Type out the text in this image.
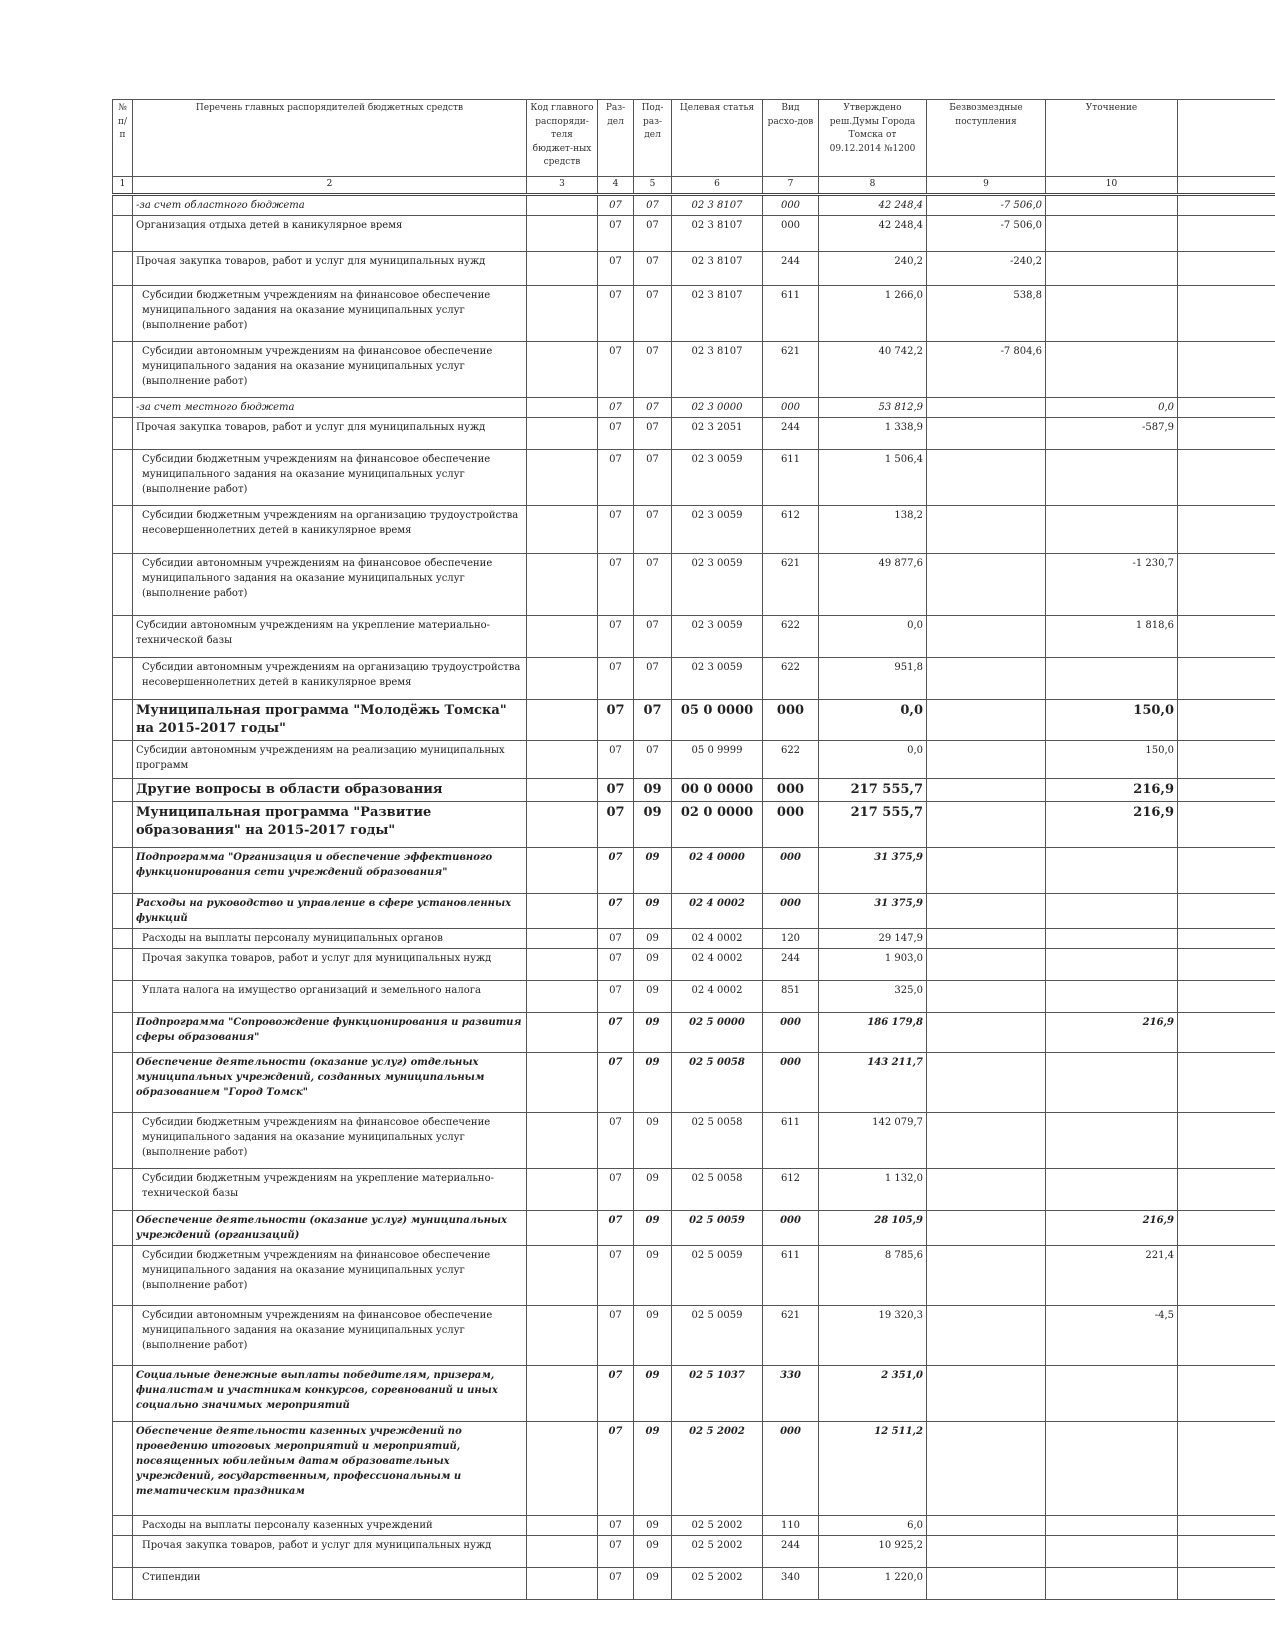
№ п/п	Перечень главных распорядителей бюджетных средств	Код главного распоряди-теля бюджет-ных средств	Раз-дел	Под-раз-дел	Целевая статья	Вид расхо-дов	Утверждено реш.Думы Города Томска от 09.12.2014 №1200	Безвозмездные поступления	Уточнение	
1	2	3	4	5	6	7	8	9	10	
	-за счет областного бюджета		07	07	02 3 8107	000	42 248,4	-7 506,0		
	Организация отдыха детей в каникулярное время		07	07	02 3 8107	000	42 248,4	-7 506,0		
	Прочая закупка товаров, работ и услуг для муниципальных нужд		07	07	02 3 8107	244	240,2	-240,2		
	Субсидии бюджетным учреждениям на финансовое обеспечение муниципального задания на оказание муниципальных услуг (выполнение работ)		07	07	02 3 8107	611	1 266,0	538,8		
	Субсидии автономным учреждениям на финансовое обеспечение муниципального задания на оказание муниципальных услуг (выполнение работ)		07	07	02 3 8107	621	40 742,2	-7 804,6		
	-за счет местного бюджета		07	07	02 3 0000	000	53 812,9		0,0	
	Прочая закупка товаров, работ и услуг для муниципальных нужд		07	07	02 3 2051	244	1 338,9		-587,9	
	Субсидии бюджетным учреждениям на финансовое обеспечение муниципального задания на оказание муниципальных услуг (выполнение работ)		07	07	02 3 0059	611	1 506,4			
	Субсидии бюджетным учреждениям на организацию трудоустройства несовершеннолетних детей в каникулярное время		07	07	02 3 0059	612	138,2			
	Субсидии автономным учреждениям на финансовое обеспечение муниципального задания на оказание муниципальных услуг (выполнение работ)		07	07	02 3 0059	621	49 877,6		-1 230,7	
	Субсидии автономным учреждениям на укрепление материально-технической базы		07	07	02 3 0059	622	0,0		1 818,6	
	Субсидии автономным учреждениям на организацию трудоустройства несовершеннолетних детей в каникулярное время		07	07	02 3 0059	622	951,8			
	Муниципальная программа "Молодёжь Томска" на 2015-2017 годы"		07	07	05 0 0000	000	0,0		150,0	
	Субсидии автономным учреждениям на реализацию муниципальных программ		07	07	05 0 9999	622	0,0		150,0	
	Другие вопросы в области образования		07	09	00 0 0000	000	217 555,7		216,9	
	Муниципальная программа "Развитие образования" на 2015-2017 годы"		07	09	02 0 0000	000	217 555,7		216,9	
	Подпрограмма "Организация и обеспечение эффективного функционирования сети учреждений образования"		07	09	02 4 0000	000	31 375,9			
	Расходы на руководство и управление в сфере установленных функций		07	09	02 4 0002	000	31 375,9			
	Расходы на выплаты персоналу муниципальных органов		07	09	02 4 0002	120	29 147,9			
	Прочая закупка товаров, работ и услуг для муниципальных нужд		07	09	02 4 0002	244	1 903,0			
	Уплата налога на имущество организаций и земельного налога		07	09	02 4 0002	851	325,0			
	Подпрограмма "Сопровождение функционирования и развития сферы образования"		07	09	02 5 0000	000	186 179,8		216,9	
	Обеспечение деятельности (оказание услуг) отдельных муниципальных учреждений, созданных муниципальным образованием "Город Томск"		07	09	02 5 0058	000	143 211,7			
	Субсидии бюджетным учреждениям на финансовое обеспечение муниципального задания на оказание муниципальных услуг (выполнение работ)		07	09	02 5 0058	611	142 079,7			
	Субсидии бюджетным учреждениям на укрепление материально-технической базы		07	09	02 5 0058	612	1 132,0			
	Обеспечение деятельности (оказание услуг) муниципальных учреждений (организаций)		07	09	02 5 0059	000	28 105,9		216,9	
	Субсидии бюджетным учреждениям на финансовое обеспечение муниципального задания на оказание муниципальных услуг (выполнение работ)		07	09	02 5 0059	611	8 785,6		221,4	
	Субсидии автономным учреждениям на финансовое обеспечение муниципального задания на оказание муниципальных услуг (выполнение работ)		07	09	02 5 0059	621	19 320,3		-4,5	
	Социальные денежные выплаты победителям, призерам, финалистам и участникам конкурсов, соревнований и иных социально значимых мероприятий		07	09	02 5 1037	330	2 351,0			
	Обеспечение деятельности казенных учреждений по проведению итоговых мероприятий и мероприятий, посвященных юбилейным датам образовательных учреждений, государственным, профессиональным и тематическим праздникам		07	09	02 5 2002	000	12 511,2			
	Расходы на выплаты персоналу казенных учреждений		07	09	02 5 2002	110	6,0			
	Прочая закупка товаров, работ и услуг для муниципальных нужд		07	09	02 5 2002	244	10 925,2			
	Стипендии		07	09	02 5 2002	340	1 220,0			
